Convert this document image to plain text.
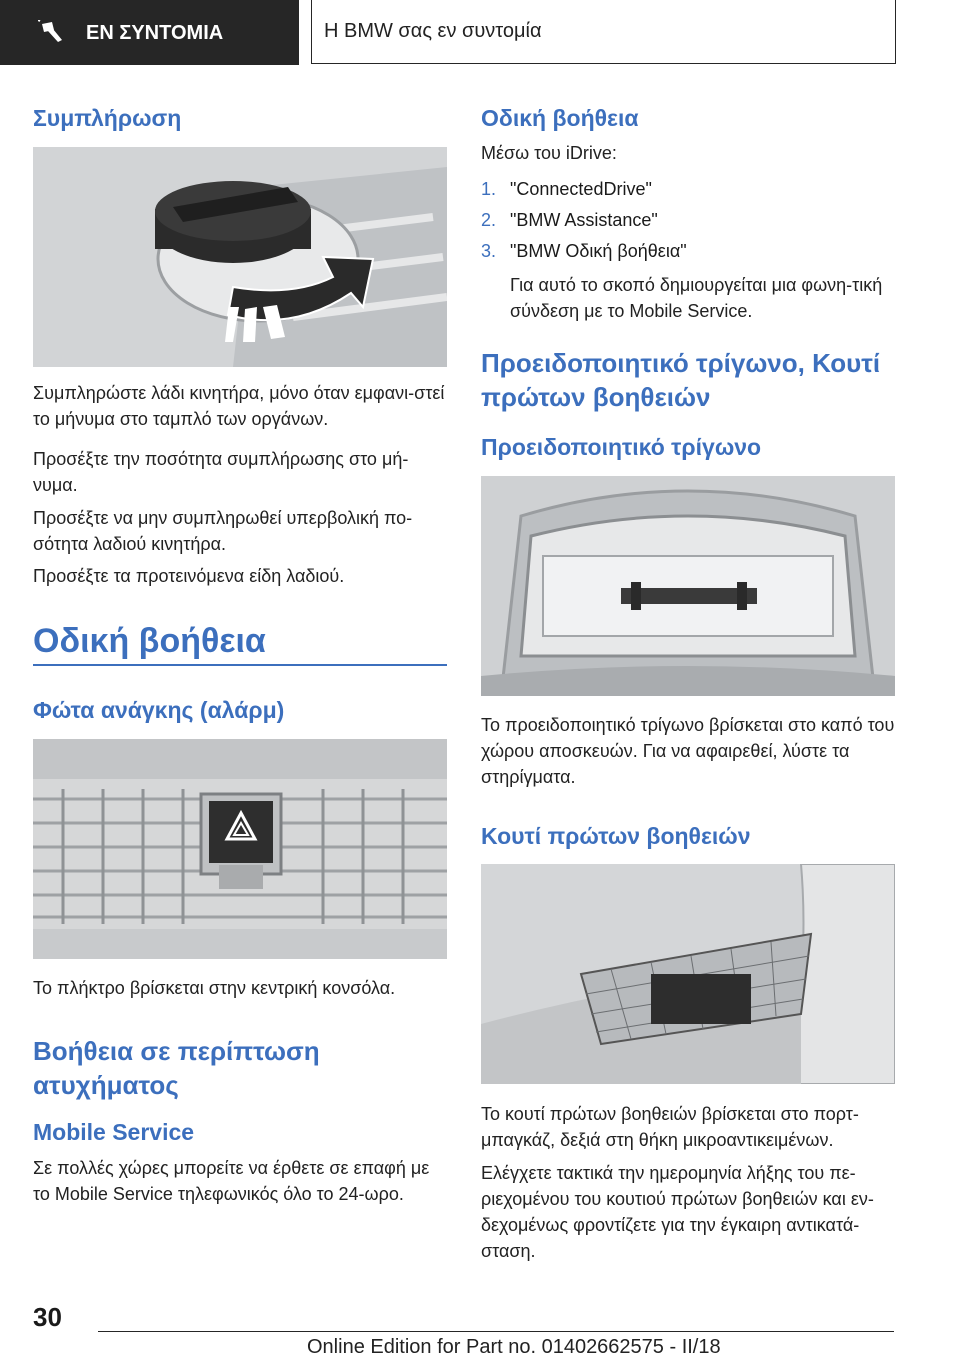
ΕΝ ΣΥΝΤΟΜΙΑ	Η BMW σας εν συντομία
Συμπλήρωση
Συμπληρώστε λάδι κινητήρα, μόνο όταν εμφανι‐στεί το μήνυμα στο ταμπλό των οργάνων.
Προσέξτε την ποσότητα συμπλήρωσης στο μή‐νυμα.
Προσέξτε να μην συμπληρωθεί υπερβολική πο‐σότητα λαδιού κινητήρα.
Προσέξτε τα προτεινόμενα είδη λαδιού.
Οδική βοήθεια
Φώτα ανάγκης (αλάρμ)
Το πλήκτρο βρίσκεται στην κεντρική κονσόλα.
Βοήθεια σε περίπτωση ατυχήματος
Mobile Service
Σε πολλές χώρες μπορείτε να έρθετε σε επαφή με το Mobile Service τηλεφωνικός όλο το 24-ωρο.
Οδική βοήθεια
Μέσω του iDrive:
1. "ConnectedDrive"
2. "BMW Assistance"
3. "BMW Οδική βοήθεια"
Για αυτό το σκοπό δημιουργείται μια φωνη‐τική σύνδεση με το Mobile Service.
Προειδοποιητικό τρίγωνο, Κουτί πρώτων βοηθειών
Προειδοποιητικό τρίγωνο
Το προειδοποιητικό τρίγωνο βρίσκεται στο καπό του χώρου αποσκευών. Για να αφαιρεθεί, λύστε τα στηρίγματα.
Κουτί πρώτων βοηθειών
Το κουτί πρώτων βοηθειών βρίσκεται στο πορτ‐μπαγκάζ, δεξιά στη θήκη μικροαντικειμένων.
Ελέγχετε τακτικά την ημερομηνία λήξης του πε‐ριεχομένου του κουτιού πρώτων βοηθειών και εν‐δεχομένως φροντίζετε για την έγκαιρη αντικατά‐σταση.
30
Online Edition for Part no. 01402662575 - II/18
